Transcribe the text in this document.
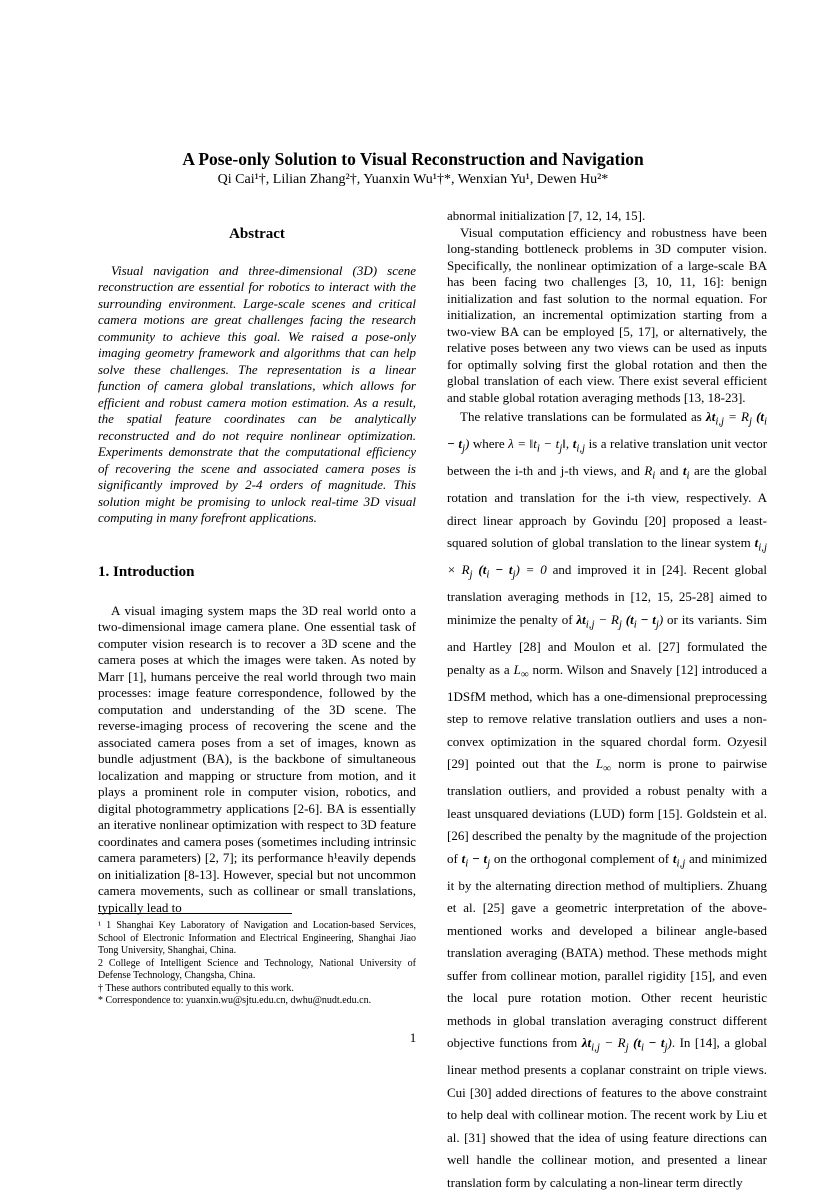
A Pose-only Solution to Visual Reconstruction and Navigation
Qi Cai¹†, Lilian Zhang²†, Yuanxin Wu¹†*, Wenxian Yu¹, Dewen Hu²*
Abstract

Visual navigation and three-dimensional (3D) scene reconstruction are essential for robotics to interact with the surrounding environment. Large-scale scenes and critical camera motions are great challenges facing the research community to achieve this goal. We raised a pose-only imaging geometry framework and algorithms that can help solve these challenges. The representation is a linear function of camera global translations, which allows for efficient and robust camera motion estimation. As a result, the spatial feature coordinates can be analytically reconstructed and do not require nonlinear optimization. Experiments demonstrate that the computational efficiency of recovering the scene and associated camera poses is significantly improved by 2-4 orders of magnitude. This solution might be promising to unlock real-time 3D visual computing in many forefront applications.

1. Introduction

A visual imaging system maps the 3D real world onto a two-dimensional image camera plane. One essential task of computer vision research is to recover a 3D scene and the camera poses at which the images were taken. As noted by Marr [1], humans perceive the real world through two main processes: image feature correspondence, followed by the computation and understanding of the 3D scene. The reverse-imaging process of recovering the scene and the associated camera poses from a set of images, known as bundle adjustment (BA), is the backbone of simultaneous localization and mapping or structure from motion, and it plays a prominent role in computer vision, robotics, and digital photogrammetry applications [2-6]. BA is essentially an iterative nonlinear optimization with respect to 3D feature coordinates and camera poses (sometimes including intrinsic camera parameters) [2, 7]; its performance h¹eavily depends on initialization [8-13]. However, special but not uncommon camera movements, such as collinear or small translations, typically lead to

¹ 1 Shanghai Key Laboratory of Navigation and Location-based Services, School of Electronic Information and Electrical Engineering, Shanghai Jiao Tong University, Shanghai, China.

2 College of Intelligent Science and Technology, National University of Defense Technology, Changsha, China.

† These authors contributed equally to this work.

* Correspondence to: yuanxin.wu@sjtu.edu.cn, dwhu@nudt.edu.cn.

abnormal initialization [7, 12, 14, 15].

Visual computation efficiency and robustness have been long-standing bottleneck problems in 3D computer vision. Specifically, the nonlinear optimization of a large-scale BA has been facing two challenges [3, 10, 11, 16]: benign initialization and fast solution to the normal equation. For initialization, an incremental optimization starting from a two-view BA can be employed [5, 17], or alternatively, the relative poses between any two views can be used as inputs for optimally solving first the global rotation and then the global translation of each view. There exist several efficient and stable global rotation averaging methods [13, 18-23].

The relative translations can be formulated as $\lambda t_{i,j} = R_j$ $(t_i - t_j)$ where $\lambda = ‖t_i$ − $t_j‖$, $t_{i,j}$ is a relative translation unit vector between the i-th and j-th views, and $R_i$ and $t_i$ are the global rotation and translation for the i-th view, respectively. A direct linear approach by Govindu [20] proposed a least-squared solution of global translation to the linear system $t_{i,j} \times R_j$ $(t_i - t_j) = 0$ and improved it in [24]. Recent global translation averaging methods in [12, 15, 25-28] aimed to minimize the penalty of $\lambda t_{i,j} - R_j$ $(t_i - t_j)$ or its variants. Sim and Hartley [28] and Moulon et al. [27] formulated the penalty as a $L_\infty$ norm. Wilson and Snavely [12] introduced a 1DSfM method, which has a one-dimensional preprocessing step to remove relative translation outliers and uses a non-convex optimization in the squared chordal form. Ozyesil [29] pointed out that the $L_\infty$ norm is prone to pairwise translation outliers, and provided a robust penalty with a least unsquared deviations (LUD) form [15]. Goldstein et al. [26] described the penalty by the magnitude of the projection of $t_i - t_j$ on the orthogonal complement of $t_{i,j}$ and minimized it by the alternating direction method of multipliers. Zhuang et al. [25] gave a geometric interpretation of the above-mentioned works and developed a bilinear angle-based translation averaging (BATA) method. These methods might suffer from collinear motion, parallel rigidity [15], and even the local pure rotation motion. Other recent heuristic methods in global translation averaging construct different objective functions from $\lambda t_{i,j} - R_j$ $(t_i - t_j)$. In [14], a global linear method presents a coplanar constraint on triple views. Cui [30] added directions of features to the above constraint to help deal with collinear motion. The recent work by Liu et al. [31] showed that the idea of using feature directions can well handle the collinear motion, and presented a linear translation form by calculating a non-linear term directly

1
